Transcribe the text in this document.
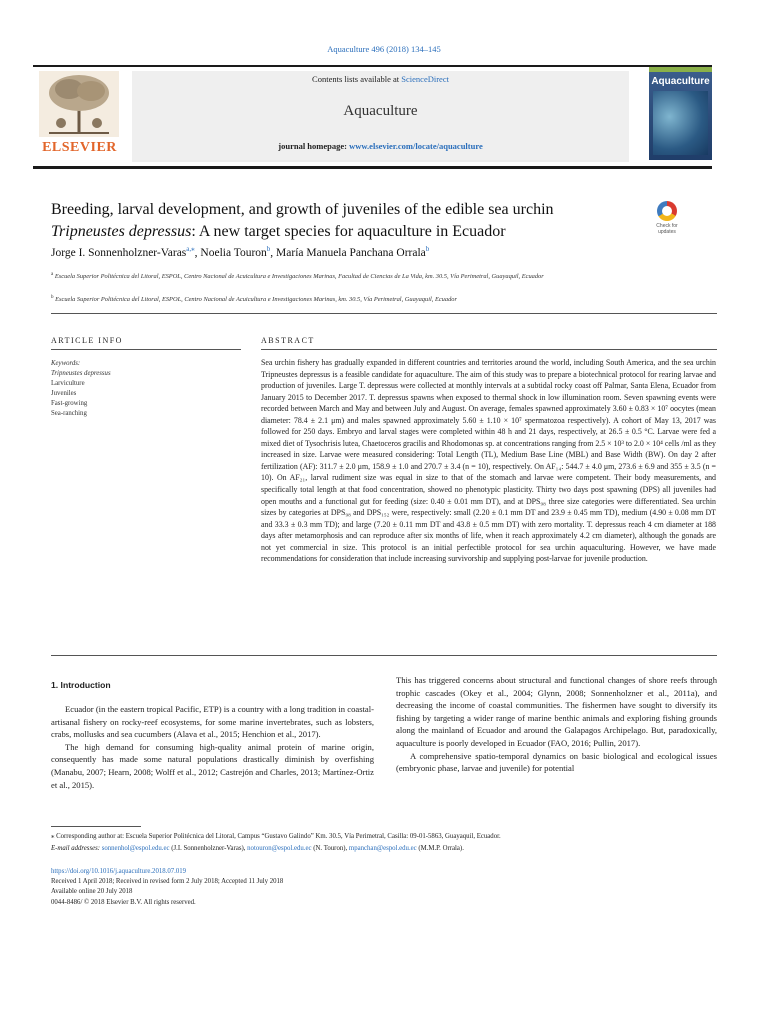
Aquaculture 496 (2018) 134–145
ELSEVIER
Contents lists available at ScienceDirect
Aquaculture
journal homepage: www.elsevier.com/locate/aquaculture
Aquaculture
Breeding, larval development, and growth of juveniles of the edible sea urchin Tripneustes depressus: A new target species for aquaculture in Ecuador	Check for updates
Jorge I. Sonnenholzner-Varas$^{a,⁎}$, Noelia Touron$^b$, María Manuela Panchana Orrala$^b$
$^a$ Escuela Superior Politécnica del Litoral, ESPOL, Centro Nacional de Acuicultura e Investigaciones Marinas, Facultad de Ciencias de La Vida, km. 30.5, Vía Perimetral, Guayaquil, Ecuador
$^b$ Escuela Superior Politécnica del Litoral, ESPOL, Centro Nacional de Acuicultura e Investigaciones Marinas, km. 30.5, Vía Perimetral, Guayaquil, Ecuador
ARTICLE INFO
Keywords:
Tripneustes depressus
Larviculture
Juveniles
Fast-growing
Sea-ranching
ABSTRACT
Sea urchin fishery has gradually expanded in different countries and territories around the world, including South America, and the sea urchin Tripneustes depressus is a feasible candidate for aquaculture. The aim of this study was to prepare a biotechnical protocol for rearing larvae and production of juveniles. Large T. depressus were collected at monthly intervals at a subtidal rocky coast off Palmar, Santa Elena, Ecuador from January 2015 to December 2017. T. depressus spawns when exposed to thermal shock in low illumination room. Seven spawning events were recorded between March and May and between July and August. On average, females spawned approximately 3.60 ± 0.83 × 10⁷ oocytes (mean diameter: 78.4 ± 2.1 μm) and males spawned approximately 5.60 ± 1.10 × 10⁷ spermatozoa respectively). A cohort of May 13, 2017 was followed for 250 days. Embryo and larval stages were completed within 48 h and 21 days, respectively, at 26.5 ± 0.5 °C. Larvae were fed a mixed diet of Tysochrisis lutea, Chaetoceros gracilis and Rhodomonas sp. at concentrations ranging from 2.5 × 10³ to 2.0 × 10⁴ cells /ml as they increased in size. Larvae were measured considering: Total Length (TL), Medium Base Line (MBL) and Base Width (BW). On day 2 after fertilization (AF): 311.7 ± 2.0 μm, 158.9 ± 1.0 and 270.7 ± 3.4 (n = 10), respectively. On AF₁₄: 544.7 ± 4.0 μm, 273.6 ± 6.9 and 355 ± 3.5 (n = 10). On AF₂₁, larval rudiment size was equal in size to that of the stomach and larvae were competent. Their body measurements, and specifically total length at that food concentration, showed no phenotypic plasticity. Thirty two days post spawning (DPS) all juveniles had open mouths and a functional gut for feeding (size: 0.40 ± 0.01 mm DT), and at DPS₉₈ three size categories were differentiated. Sea urchin sizes by categories at DPS₉₈ and DPS₁₅₂ were, respectively: small (2.20 ± 0.1 mm DT and 23.9 ± 0.45 mm TD), medium (4.90 ± 0.08 mm DT and 33.3 ± 0.3 mm TD); and large (7.20 ± 0.11 mm DT and 43.8 ± 0.5 mm DT) with zero mortality. T. depressus reach 4 cm diameter at 188 days after metamorphosis and can reproduce after six months of life, when it reach approximately 4.2 cm diameter), although the gonads are not yet commercial in size. This protocol is an initial perfectible protocol for sea urchin aquaculturing. However, we have made recommendations for consideration that include increasing survivorship and supplying post-larvae for juvenile production.
1. Introduction

Ecuador (in the eastern tropical Pacific, ETP) is a country with a long tradition in coastal-artisanal fishery on rocky-reef ecosystems, for some marine invertebrates, such as lobsters, crabs, mollusks and sea cucumbers (Alava et al., 2015; Henchion et al., 2017).

The high demand for consuming high-quality animal protein of marine origin, consequently has made some natural populations drastically diminish by overfishing (Manabu, 2007; Hearn, 2008; Wolff et al., 2012; Castrejón and Charles, 2013; Martínez-Ortiz et al., 2015).

This has triggered concerns about structural and functional changes of shore reefs through trophic cascades (Okey et al., 2004; Glynn, 2008; Sonnenholzner et al., 2011a), and decreasing the income of coastal communities. The fishermen have sought to diversify its fishing by targeting a wider range of marine benthic animals and exploring fishing grounds along the mainland of Ecuador and around the Galapagos Archipelago. But, paradoxically, aquaculture is poorly developed in Ecuador (FAO, 2016; Pullin, 2017).

A comprehensive spatio-temporal dynamics on basic biological and ecological issues (embryonic phase, larvae and juvenile) for potential

⁎ Corresponding author at: Escuela Superior Politécnica del Litoral, Campus “Gustavo Galindo” Km. 30.5, Vía Perimetral, Casilla: 09-01-5863, Guayaquil, Ecuador.
E-mail addresses: sonnenhol@espol.edu.ec (J.I. Sonnenholzner-Varas), notouron@espol.edu.ec (N. Touron), mpanchan@espol.edu.ec (M.M.P. Orrala).
https://doi.org/10.1016/j.aquaculture.2018.07.019
Received 1 April 2018; Received in revised form 2 July 2018; Accepted 11 July 2018
Available online 20 July 2018
0044-8486/ © 2018 Elsevier B.V. All rights reserved.
